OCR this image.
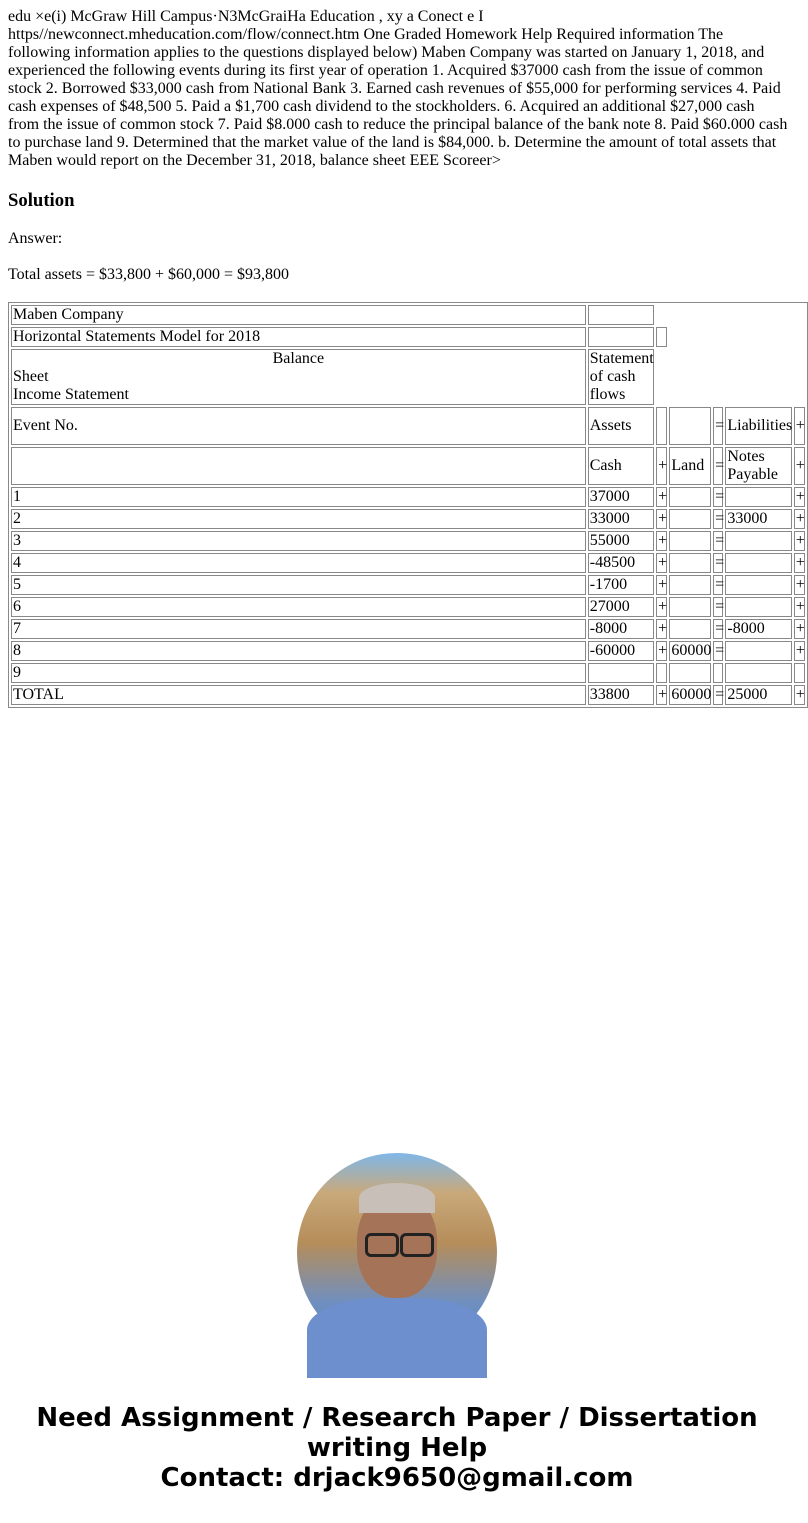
edu ×e(i) McGraw Hill Campus·N3McGraiHa Education , xy a Conect e I https//newconnect.mheducation.com/flow/connect.htm One Graded Homework Help Required information The following information applies to the questions displayed below) Maben Company was started on January 1, 2018, and experienced the following events during its first year of operation 1. Acquired $37000 cash from the issue of common stock 2. Borrowed $33,000 cash from National Bank 3. Earned cash revenues of $55,000 for performing services 4. Paid cash expenses of $48,500 5. Paid a $1,700 cash dividend to the stockholders. 6. Acquired an additional $27,000 cash from the issue of common stock 7. Paid $8.000 cash to reduce the principal balance of the bank note 8. Paid $60.000 cash to purchase land 9. Determined that the market value of the land is $84,000. b. Determine the amount of total assets that Maben would report on the December 31, 2018, balance sheet EEE Scoreer>

Solution

Answer:

Total assets = $33,800 + $60,000 = $93,800

Maben Company						
Horizontal Statements Model for 2018						

Balance
Sheet
Income Statement	Statement of cash flows					
Event No.	Assets			=	Liabilities	+
	Cash	+	Land	=	Notes Payable	+
1	37000	+		=		+
2	33000	+		=	33000	+
3	55000	+		=		+
4	-48500	+		=		+
5	-1700	+		=		+
6	27000	+		=		+
7	-8000	+		=	-8000	+
8	-60000	+	60000	=		+
9						
TOTAL	33800	+	60000	=	25000	+
Need Assignment / Research Paper / Dissertation writing Help
Contact: drjack9650@gmail.com
